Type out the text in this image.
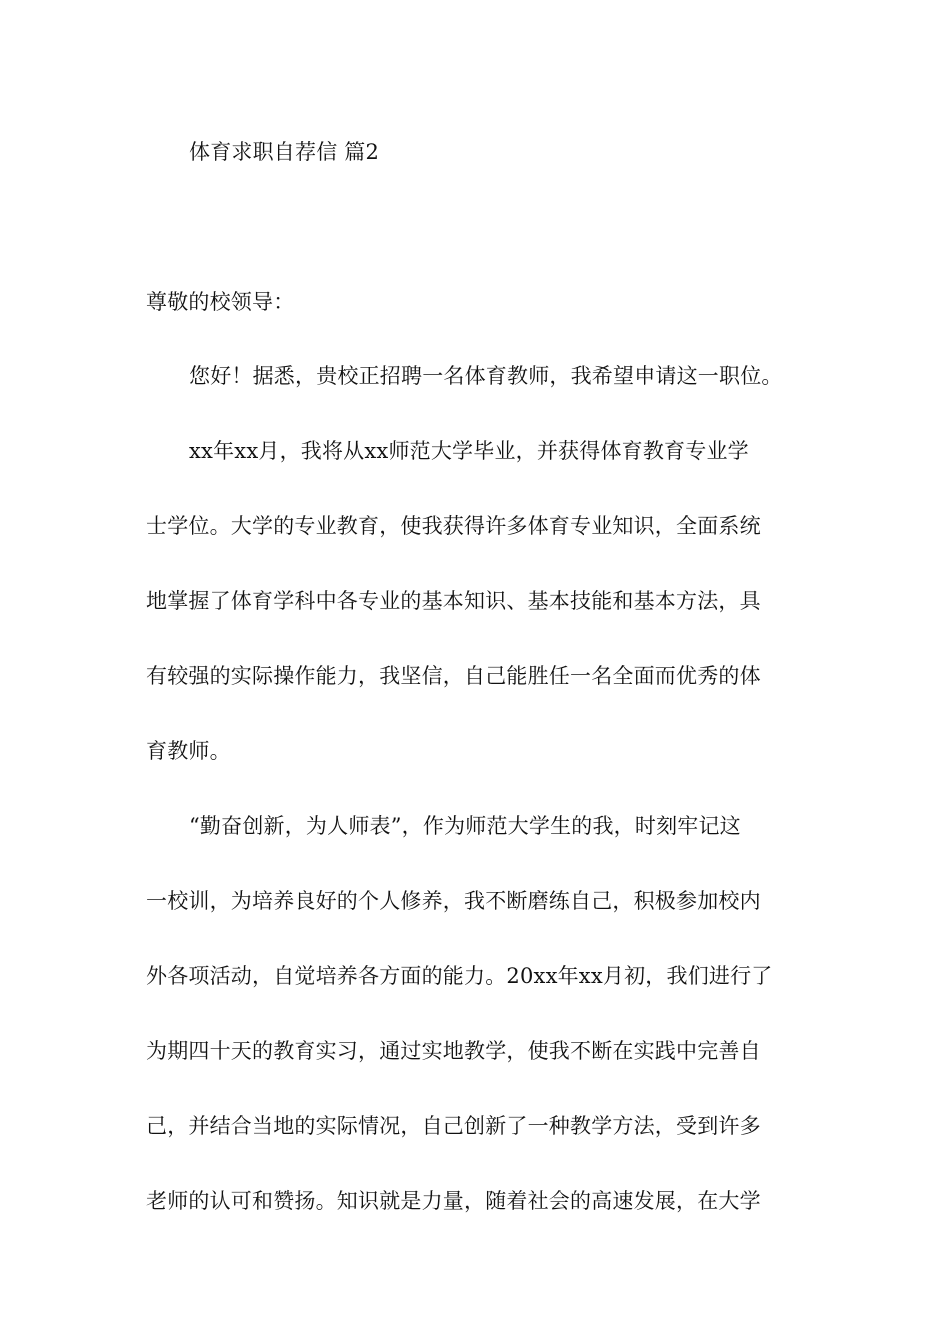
体育求职自荐信 篇2
尊敬的校领导：
您好！据悉，贵校正招聘一名体育教师，我希望申请这一职位。
xx年xx月，我将从xx师范大学毕业，并获得体育教育专业学
士学位。大学的专业教育，使我获得许多体育专业知识，全面系统
地掌握了体育学科中各专业的基本知识、基本技能和基本方法，具
有较强的实际操作能力，我坚信，自己能胜任一名全面而优秀的体
育教师。
“勤奋创新，为人师表”，作为师范大学生的我，时刻牢记这
一校训，为培养良好的个人修养，我不断磨练自己，积极参加校内
外各项活动，自觉培养各方面的能力。20xx年xx月初，我们进行了
为期四十天的教育实习，通过实地教学，使我不断在实践中完善自
己，并结合当地的实际情况，自己创新了一种教学方法，受到许多
老师的认可和赞扬。知识就是力量，随着社会的高速发展，在大学
